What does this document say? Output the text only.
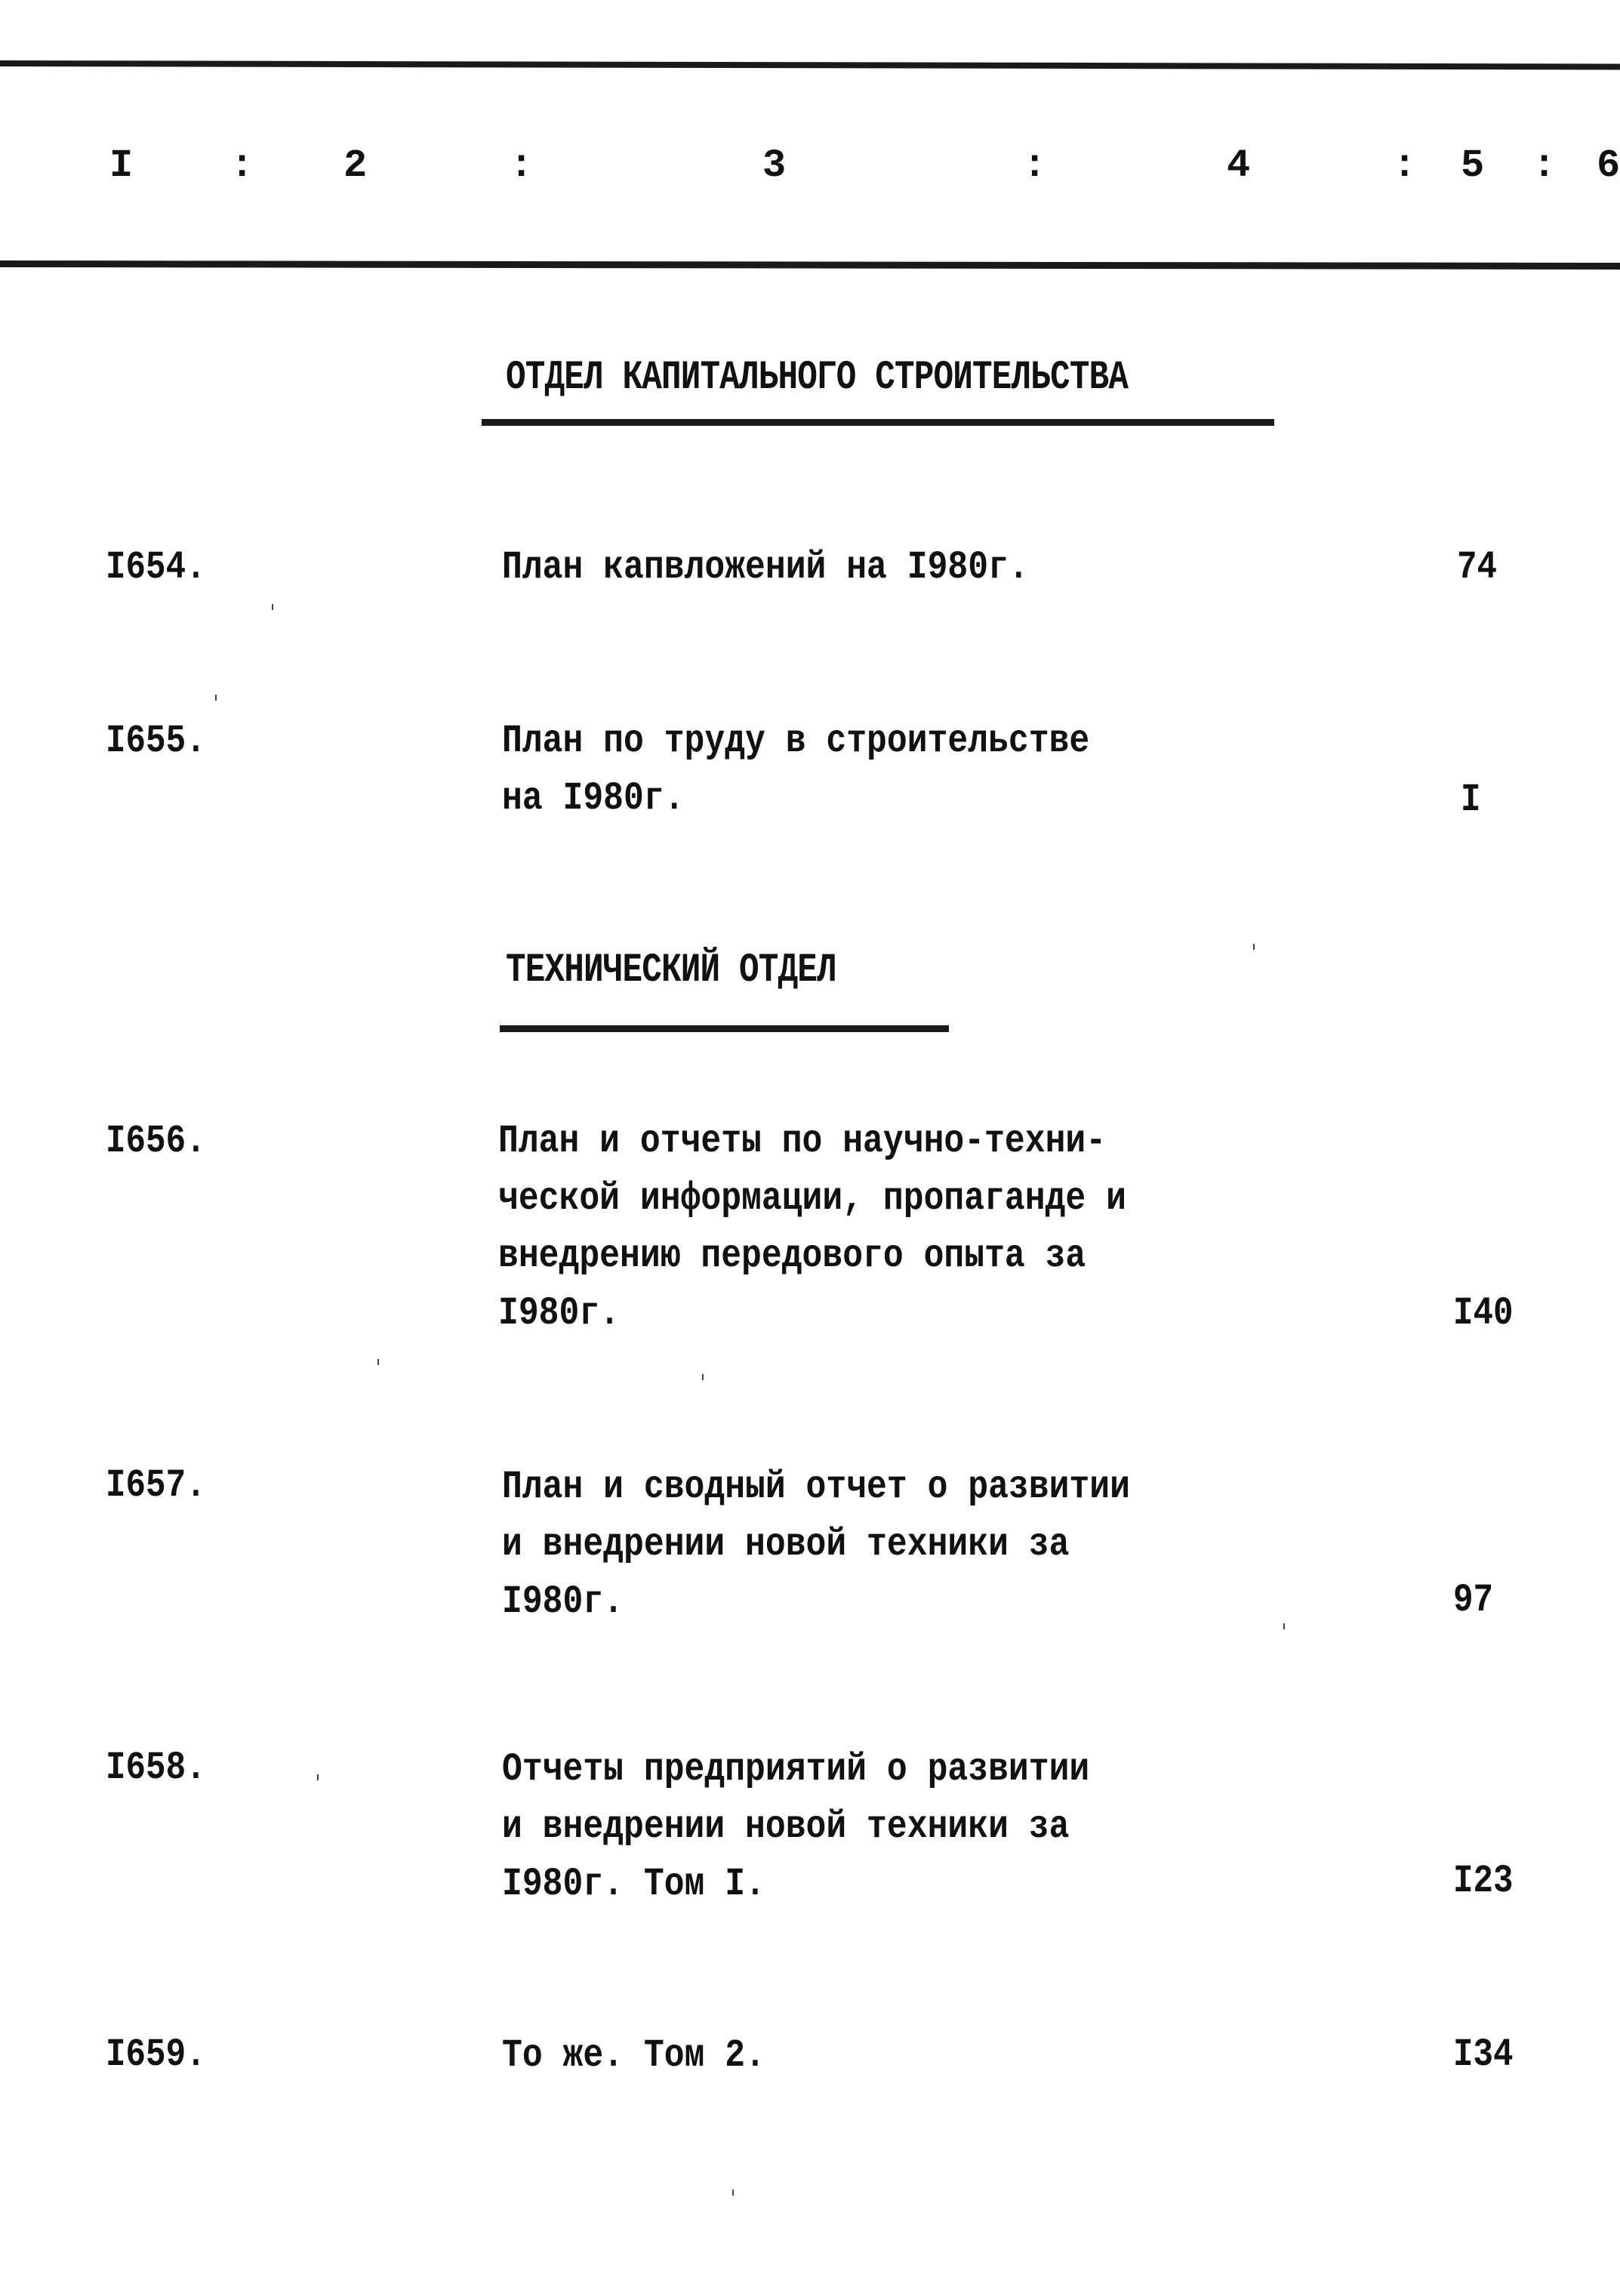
I : 2	:	3	:	4	: 5 : 6
ОТДЕЛ КАПИТАЛЬНОГО СТРОИТЕЛЬСТВА
I654.	План капвложений на I980г.	74
I655.	План по труду в строительстве
на I980г.	I
ТЕХНИЧЕСКИЙ ОТДЕЛ
I656.	План и отчеты по научно-техни-
ческой информации, пропаганде и
внедрению передового опыта за
I980г.	I40
I657.	План и сводный отчет о развитии
и внедрении новой техники за
I980г.	97
I658.	Отчеты предприятий о развитии
и внедрении новой техники за
I980г. Том I.	I23
I659.	То же. Том 2.	I34
